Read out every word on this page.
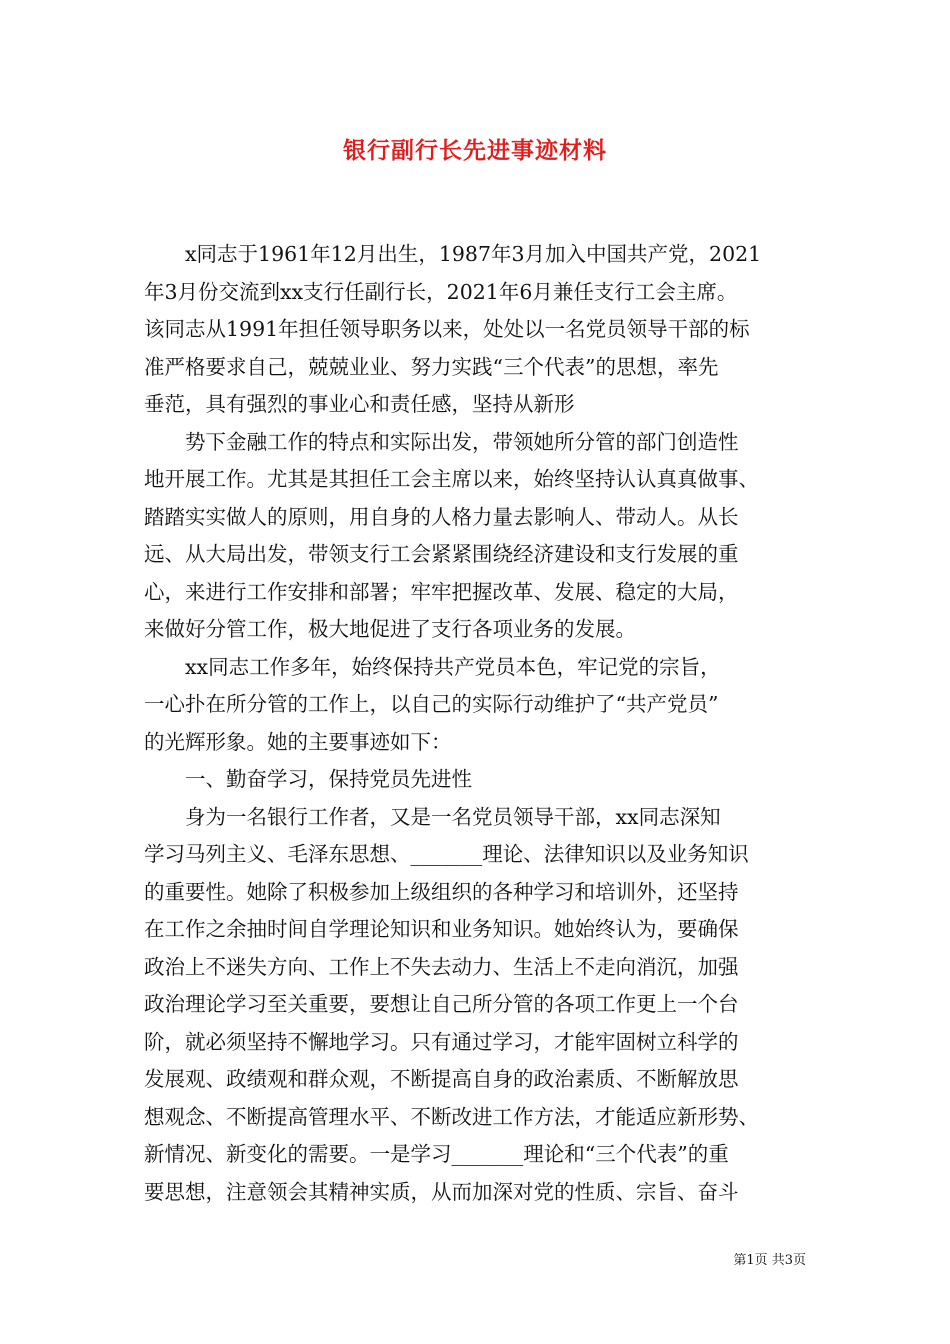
银行副行长先进事迹材料

　　x同志于1961年12月出生，1987年3月加入中国共产党，2021

年3月份交流到xx支行任副行长，2021年6月兼任支行工会主席。

该同志从1991年担任领导职务以来，处处以一名党员领导干部的标

准严格要求自己，兢兢业业、努力实践“三个代表”的思想，率先

垂范，具有强烈的事业心和责任感，坚持从新形

　　势下金融工作的特点和实际出发，带领她所分管的部门创造性

地开展工作。尤其是其担任工会主席以来，始终坚持认认真真做事、

踏踏实实做人的原则，用自身的人格力量去影响人、带动人。从长

远、从大局出发，带领支行工会紧紧围绕经济建设和支行发展的重

心，来进行工作安排和部署；牢牢把握改革、发展、稳定的大局，

来做好分管工作，极大地促进了支行各项业务的发展。

　　xx同志工作多年，始终保持共产党员本色，牢记党的宗旨，

一心扑在所分管的工作上，以自己的实际行动维护了“共产党员”

的光辉形象。她的主要事迹如下：

　　一、勤奋学习，保持党员先进性

　　身为一名银行工作者，又是一名党员领导干部，xx同志深知

学习马列主义、毛泽东思想、_______理论、法律知识以及业务知识

的重要性。她除了积极参加上级组织的各种学习和培训外，还坚持

在工作之余抽时间自学理论知识和业务知识。她始终认为，要确保

政治上不迷失方向、工作上不失去动力、生活上不走向消沉，加强

政治理论学习至关重要，要想让自己所分管的各项工作更上一个台

阶，就必须坚持不懈地学习。只有通过学习，才能牢固树立科学的

发展观、政绩观和群众观，不断提高自身的政治素质、不断解放思

想观念、不断提高管理水平、不断改进工作方法，才能适应新形势、

新情况、新变化的需要。一是学习_______理论和“三个代表”的重

要思想，注意领会其精神实质，从而加深对党的性质、宗旨、奋斗

第1页 共3页
